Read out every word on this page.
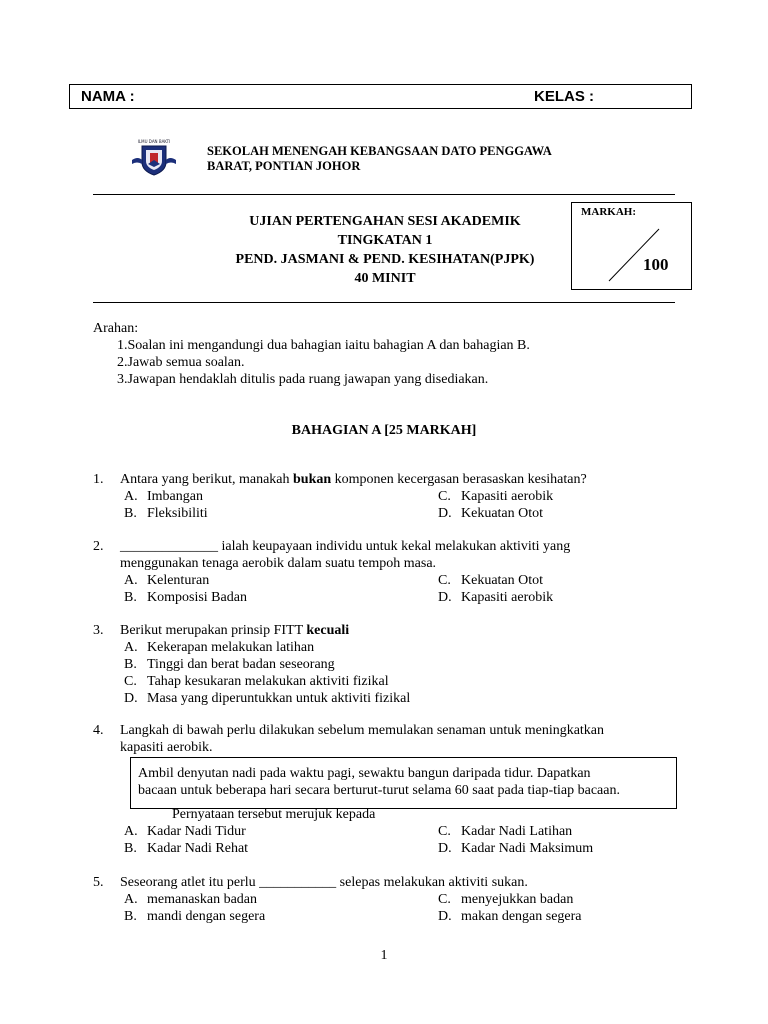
NAMA :	KELAS :
ILMU DAN BAKTI
SEKOLAH MENENGAH KEBANGSAAN DATO PENGGAWA
BARAT, PONTIAN JOHOR
UJIAN PERTENGAHAN SESI AKADEMIK
TINGKATAN 1
PEND. JASMANI & PEND. KESIHATAN(PJPK)
40 MINIT
MARKAH:
100
Arahan:
1.Soalan ini mengandungi dua bahagian iaitu bahagian A dan bahagian B.
2.Jawab semua soalan.
3.Jawapan hendaklah ditulis pada ruang jawapan yang disediakan.
BAHAGIAN A [25 MARKAH]
1. Antara yang berikut, manakah bukan komponen kecergasan berasaskan kesihatan?
A. Imbangan
B. Fleksibiliti
C. Kapasiti aerobik
D. Kekuatan Otot
2. ______________ ialah keupayaan individu untuk kekal melakukan aktiviti yang
menggunakan tenaga aerobik dalam suatu tempoh masa.
A. Kelenturan
B. Komposisi Badan
C. Kekuatan Otot
D. Kapasiti aerobik
3. Berikut merupakan prinsip FITT kecuali
A. Kekerapan melakukan latihan
B. Tinggi dan berat badan seseorang
C. Tahap kesukaran melakukan aktiviti fizikal
D. Masa yang diperuntukkan untuk aktiviti fizikal
4. Langkah di bawah perlu dilakukan sebelum memulakan senaman untuk meningkatkan
kapasiti aerobik.
Ambil denyutan nadi pada waktu pagi, sewaktu bangun daripada tidur. Dapatkan
bacaan untuk beberapa hari secara berturut-turut selama 60 saat pada tiap-tiap bacaan.
Pernyataan tersebut merujuk kepada
A. Kadar Nadi Tidur
B. Kadar Nadi Rehat
C. Kadar Nadi Latihan
D. Kadar Nadi Maksimum
5. Seseorang atlet itu perlu ___________ selepas melakukan aktiviti sukan.
A. memanaskan badan
B. mandi dengan segera
C. menyejukkan badan
D. makan dengan segera
1
